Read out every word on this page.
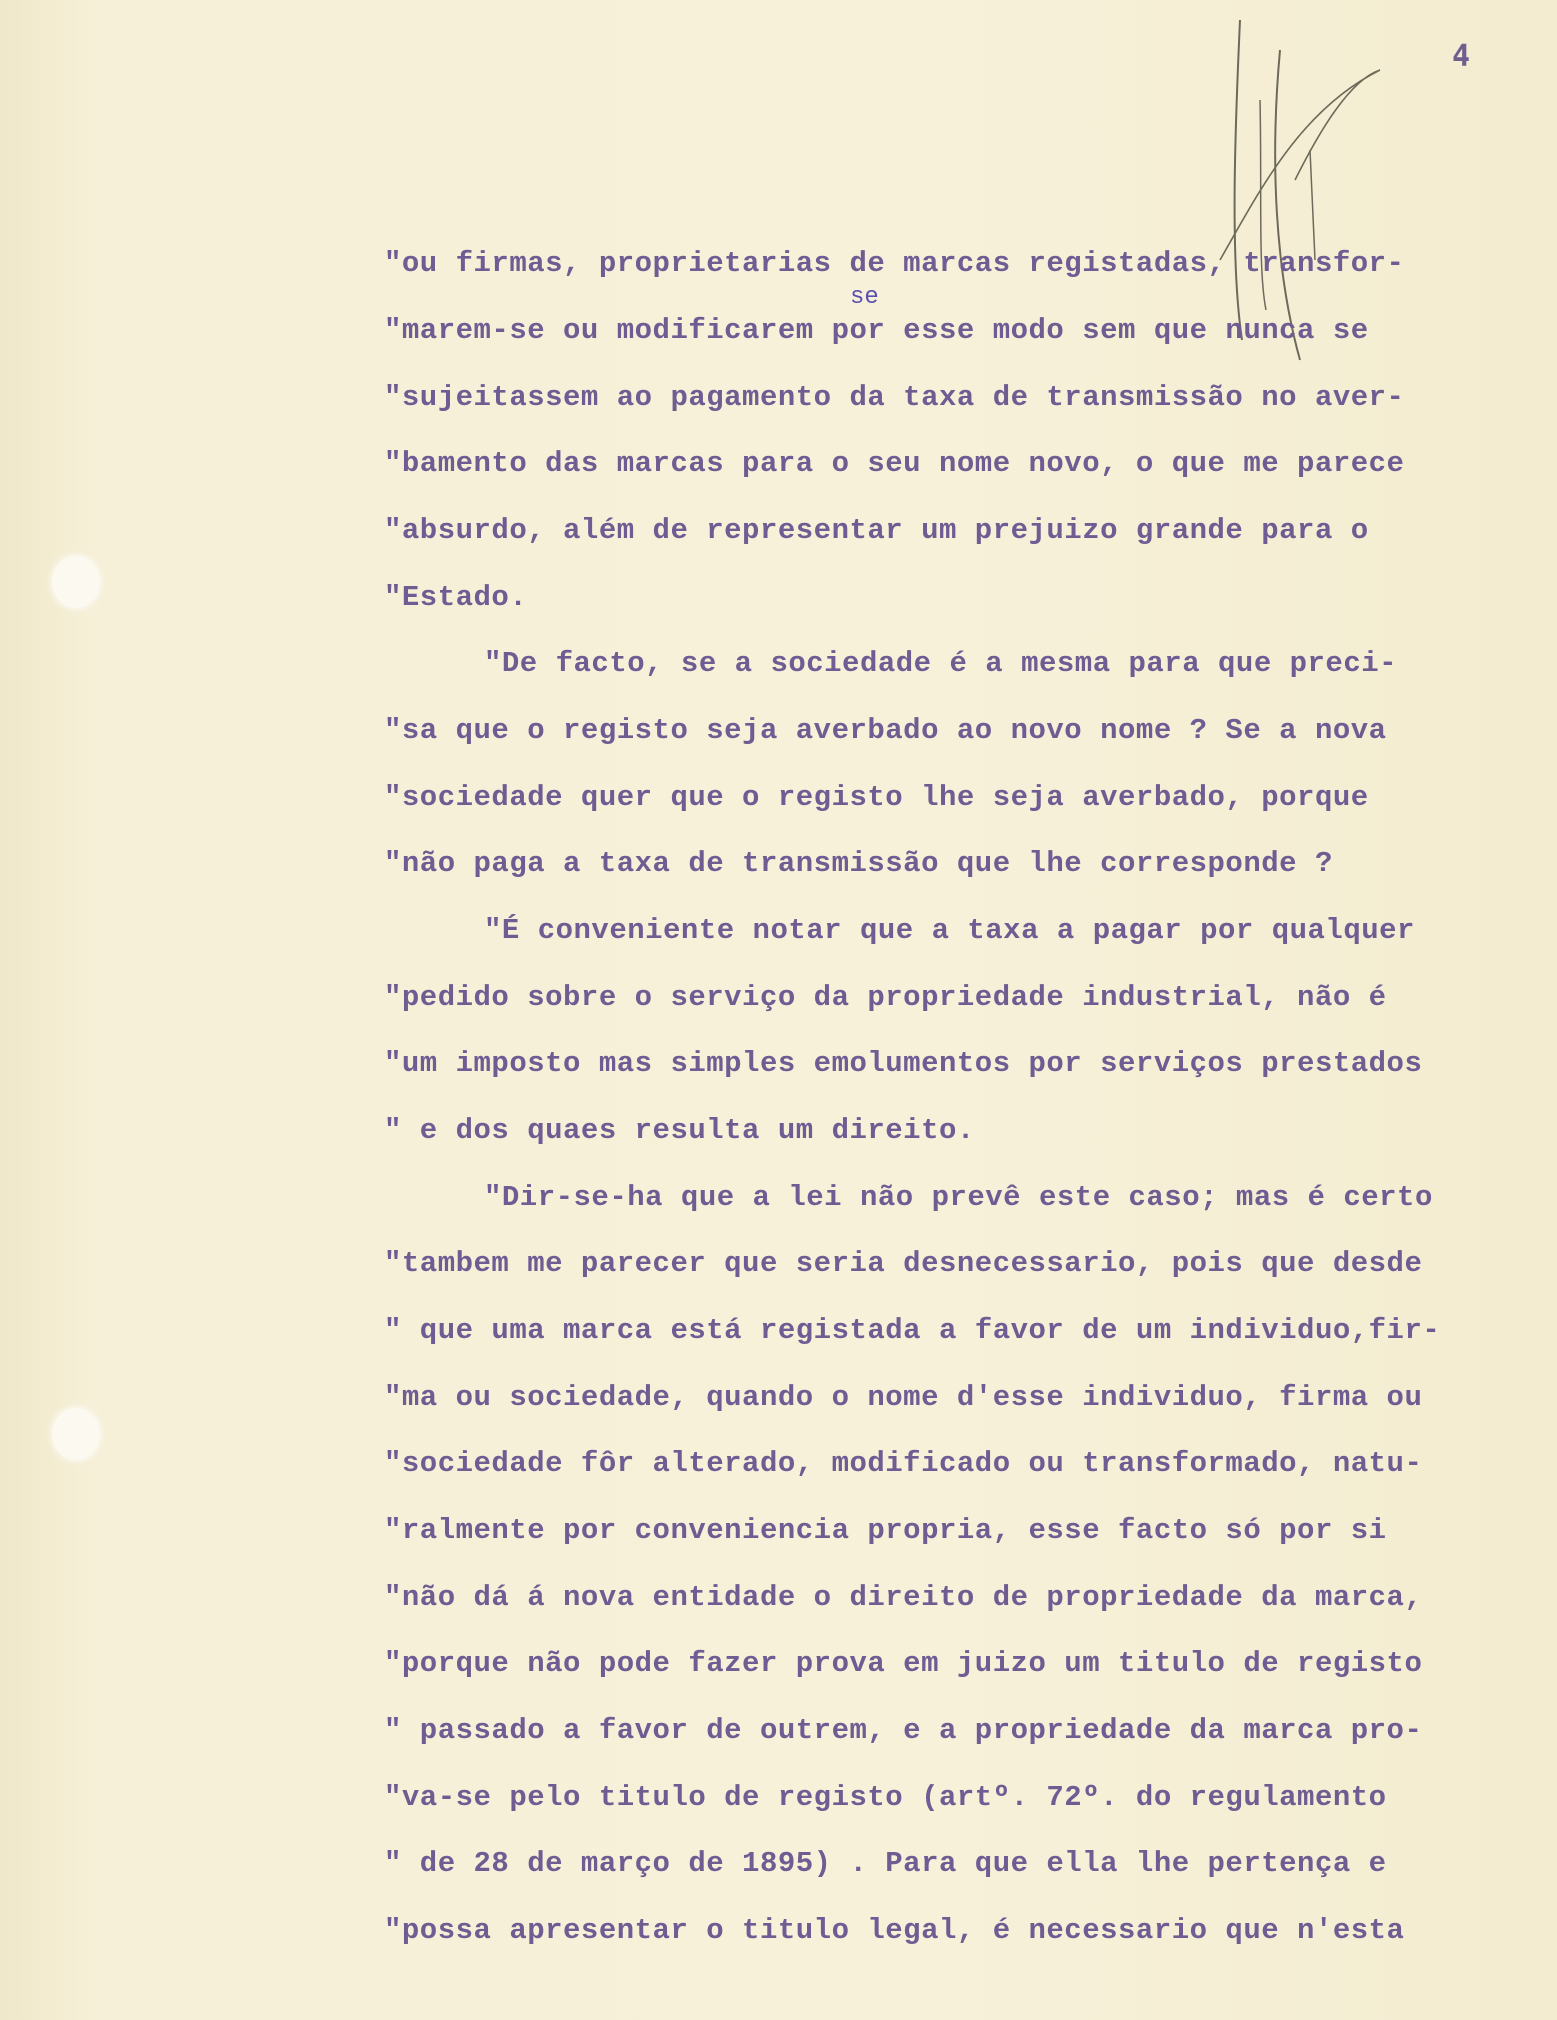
4
se
"ou firmas, proprietarias de marcas registadas, transfor-
"marem-se ou modificarem por esse modo sem que nunca se
"sujeitassem ao pagamento da taxa de transmissão no aver-
"bamento das marcas para o seu nome novo, o que me parece
"absurdo, além de representar um prejuizo grande para o
"Estado.
"De facto, se a sociedade é a mesma para que preci-
"sa que o registo seja averbado ao novo nome ? Se a nova
"sociedade quer que o registo lhe seja averbado, porque
"não paga a taxa de transmissão que lhe corresponde ?
"É conveniente notar que a taxa a pagar por qualquer
"pedido sobre o serviço da propriedade industrial, não é
"um imposto mas simples emolumentos por serviços prestados
" e dos quaes resulta um direito.
"Dir-se-ha que a lei não prevê este caso; mas é certo
"tambem me parecer que seria desnecessario, pois que desde
" que uma marca está registada a favor de um individuo,fir-
"ma ou sociedade, quando o nome d'esse individuo, firma ou
"sociedade fôr alterado, modificado ou transformado, natu-
"ralmente por conveniencia propria, esse facto só por si
"não dá á nova entidade o direito de propriedade da marca,
"porque não pode fazer prova em juizo um titulo de registo
" passado a favor de outrem, e a propriedade da marca pro-
"va-se pelo titulo de registo (artº. 72º. do regulamento
" de 28 de março de 1895) . Para que ella lhe pertença e
"possa apresentar o titulo legal, é necessario que n'esta
